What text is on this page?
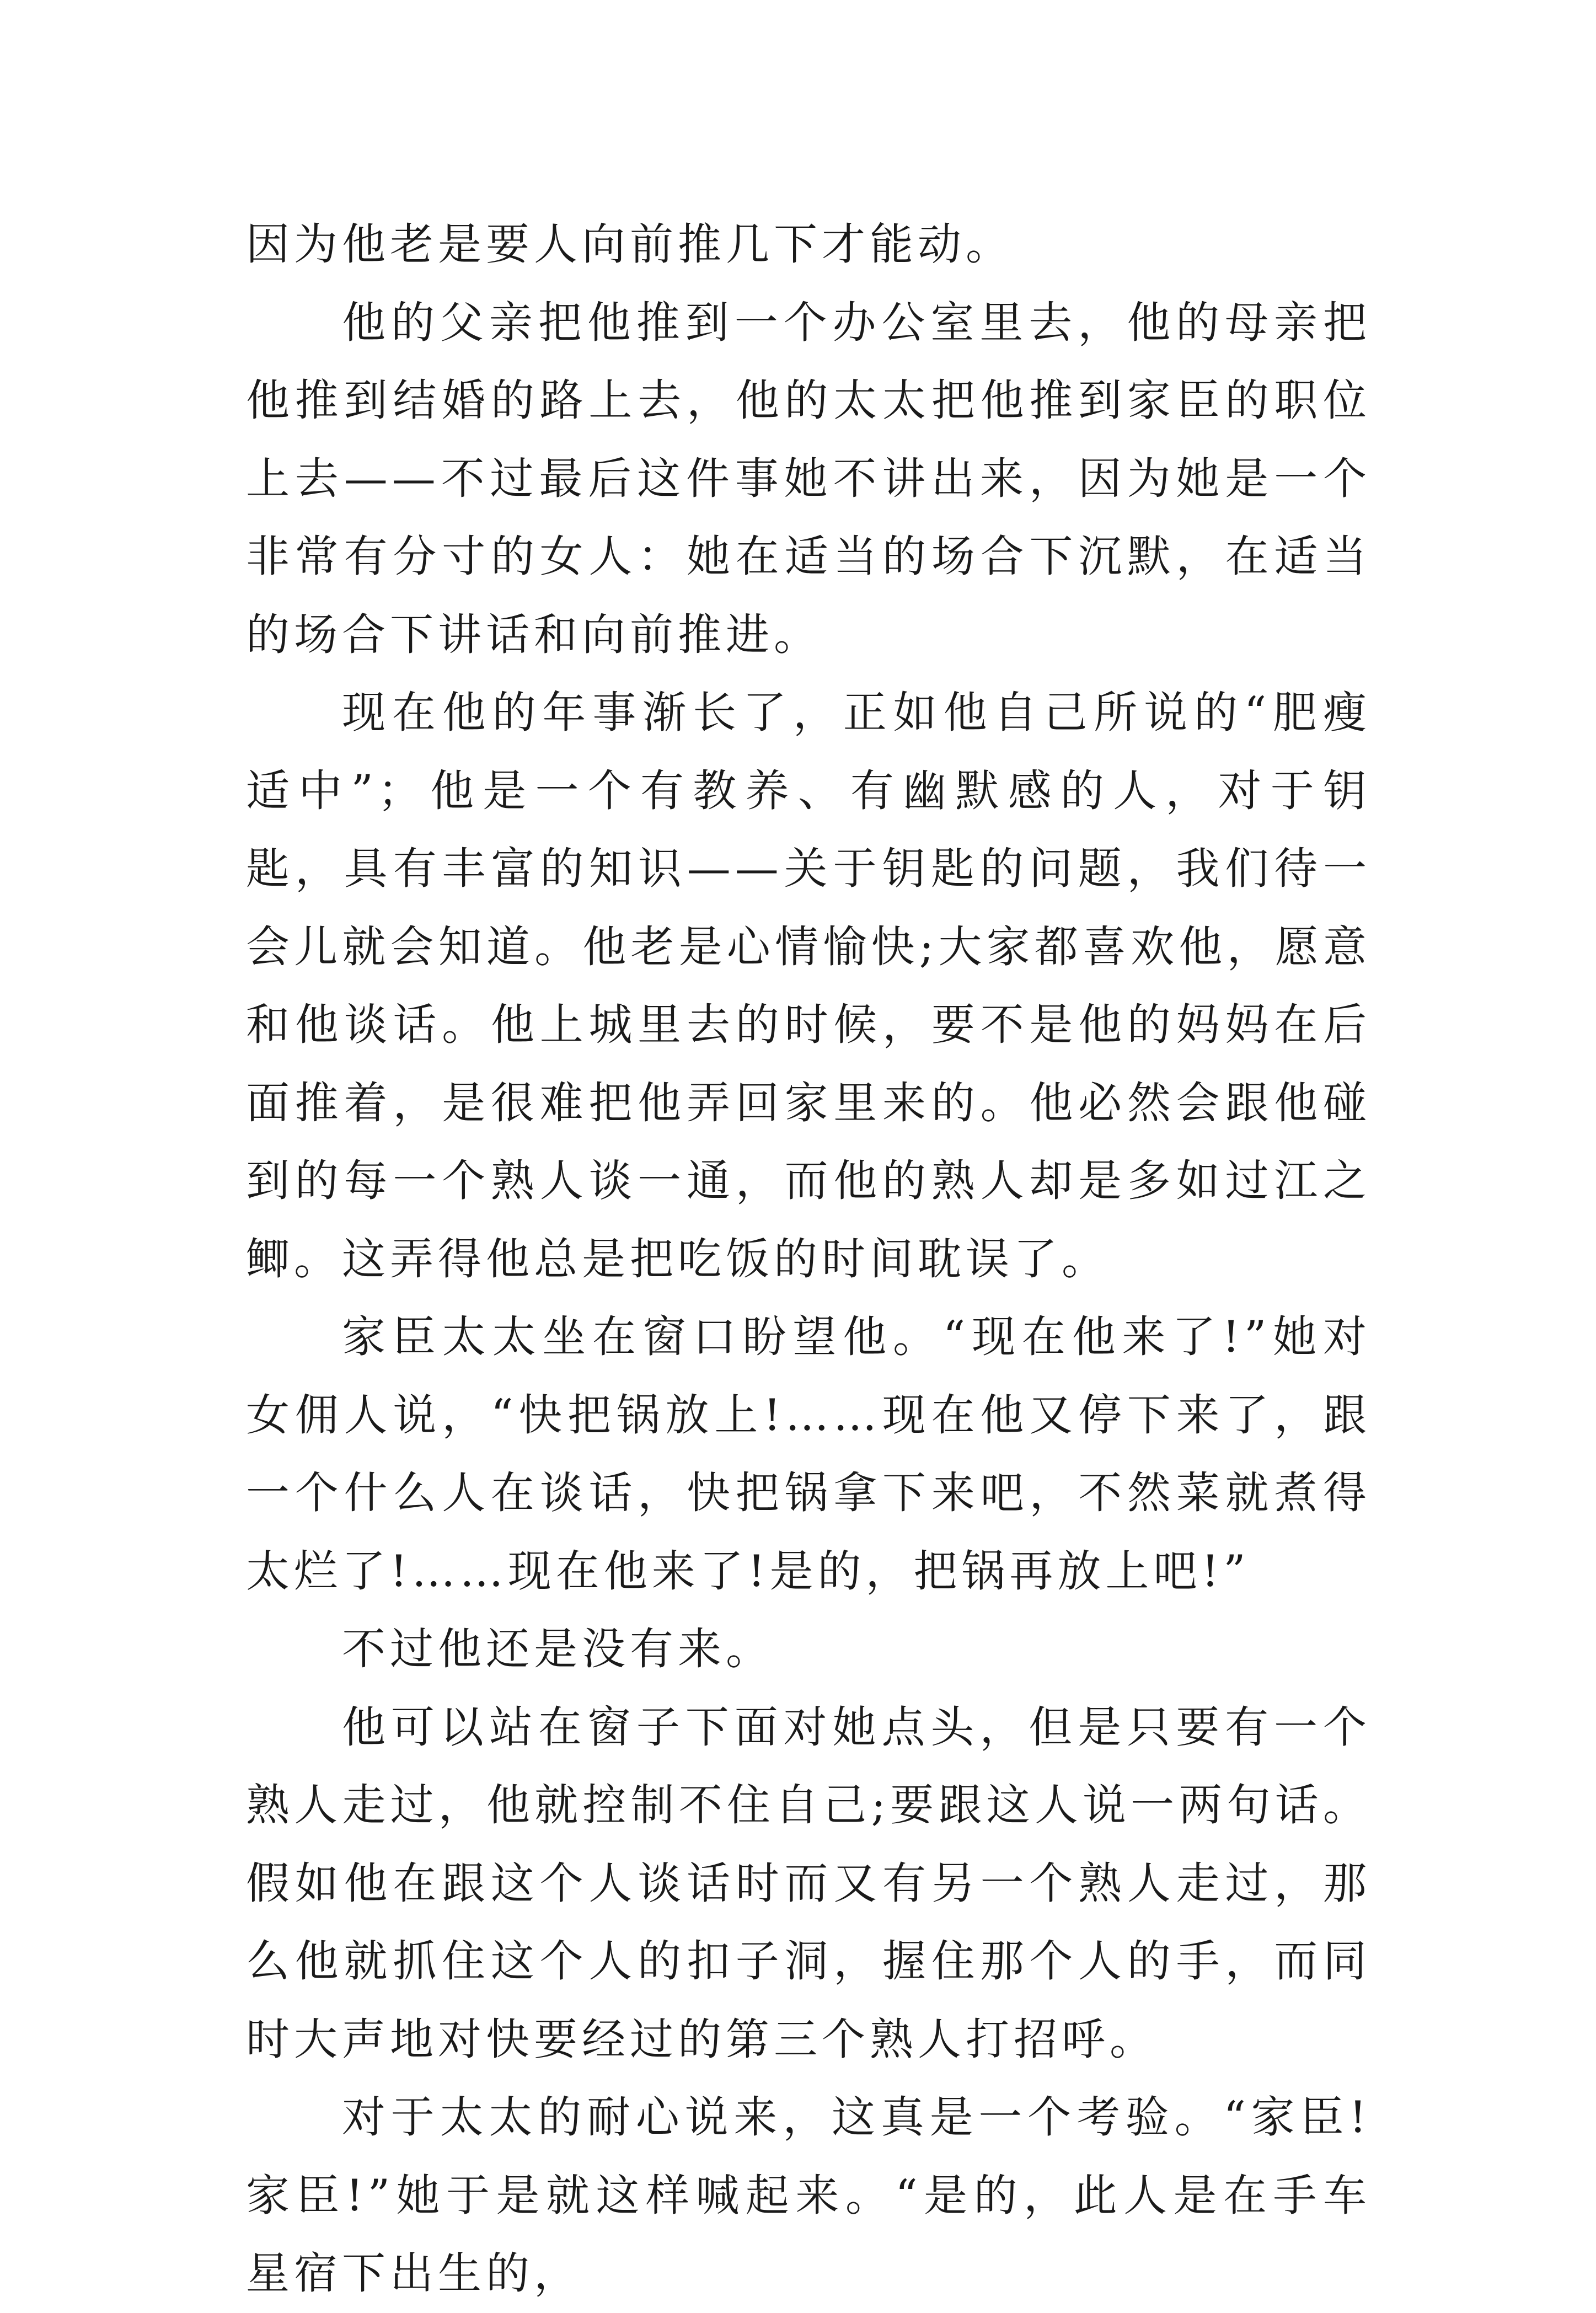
因为他老是要人向前推几下才能动。

他的父亲把他推到一个办公室里去，他的母亲把他推到结婚的路上去，他的太太把他推到家臣的职位上去——不过最后这件事她不讲出来，因为她是一个非常有分寸的女人：她在适当的场合下沉默，在适当的场合下讲话和向前推进。

现在他的年事渐长了，正如他自己所说的“肥瘦适中”；他是一个有教养、有幽默感的人，对于钥匙，具有丰富的知识——关于钥匙的问题，我们待一会儿就会知道。他老是心情愉快;大家都喜欢他，愿意和他谈话。他上城里去的时候，要不是他的妈妈在后面推着，是很难把他弄回家里来的。他必然会跟他碰到的每一个熟人谈一通，而他的熟人却是多如过江之鲫。这弄得他总是把吃饭的时间耽误了。

家臣太太坐在窗口盼望他。“现在他来了!”她对女佣人说，“快把锅放上!……现在他又停下来了，跟一个什么人在谈话，快把锅拿下来吧，不然菜就煮得太烂了!……现在他来了!是的，把锅再放上吧!”

不过他还是没有来。

他可以站在窗子下面对她点头，但是只要有一个熟人走过，他就控制不住自己;要跟这人说一两句话。假如他在跟这个人谈话时而又有另一个熟人走过，那么他就抓住这个人的扣子洞，握住那个人的手，而同时大声地对快要经过的第三个熟人打招呼。

对于太太的耐心说来，这真是一个考验。“家臣!家臣!”她于是就这样喊起来。“是的，此人是在手车星宿下出生的，
